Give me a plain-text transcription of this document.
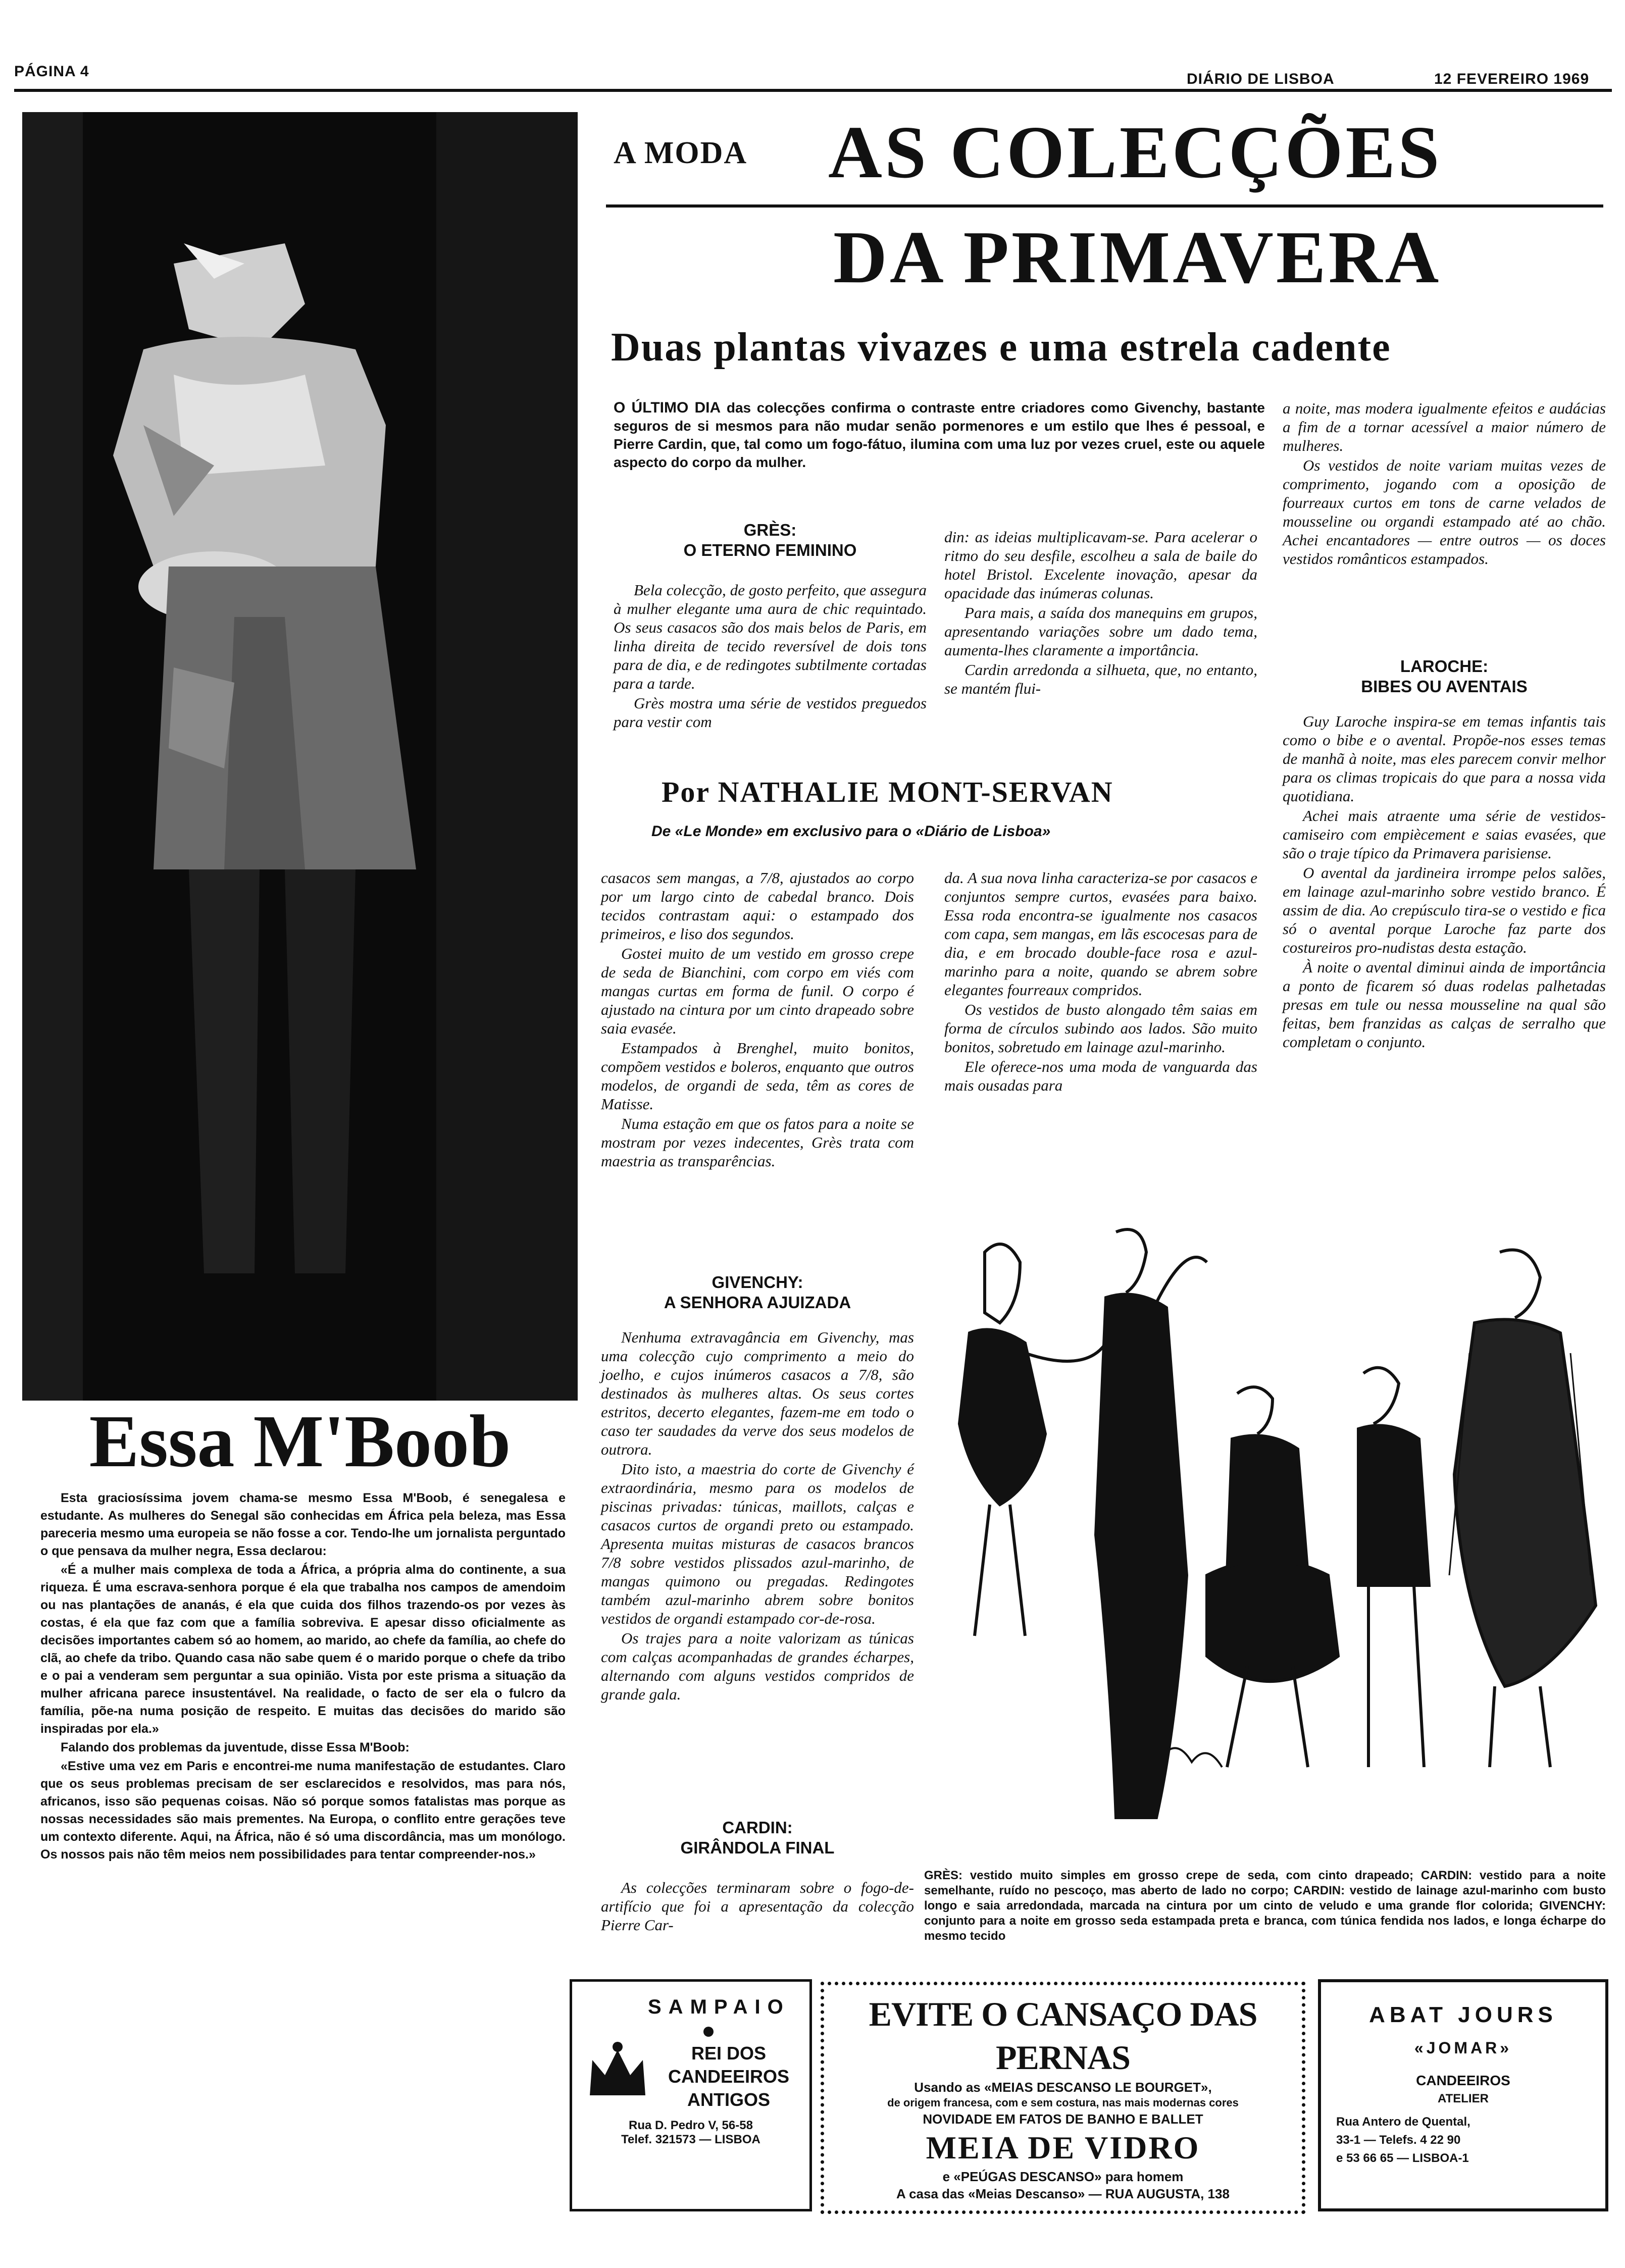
PÁGINA 4	DIÁRIO DE LISBOA	12 FEVEREIRO 1969
A MODA AS COLECÇÕES
DA PRIMAVERA
Duas plantas vivazes e uma estrela cadente
O ÚLTIMO DIA das colecções confirma o contraste entre criadores como Givenchy, bastante seguros de si mesmos para não mudar senão pormenores e um estilo que lhes é pessoal, e Pierre Cardin, que, tal como um fogo-fátuo, ilumina com uma luz por vezes cruel, este ou aquele aspecto do corpo da mulher.
GRÈS:
O ETERNO FEMININO

Bela colecção, de gosto perfeito, que assegura à mulher elegante uma aura de chic requintado. Os seus casacos são dos mais belos de Paris, em linha direita de tecido reversível de dois tons para de dia, e de redingotes subtilmente cortadas para a tarde.

Grès mostra uma série de vestidos preguedos para vestir com

din: as ideias multiplicavam-se. Para acelerar o ritmo do seu desfile, escolheu a sala de baile do hotel Bristol. Excelente inovação, apesar da opacidade das inúmeras colunas.

Para mais, a saída dos manequins em grupos, apresentando variações sobre um dado tema, aumenta-lhes claramente a importância.

Cardin arredonda a silhueta, que, no entanto, se mantém flui-

Por NATHALIE MONT-SERVAN
De «Le Monde» em exclusivo para o «Diário de Lisboa»

a noite, mas modera igualmente efeitos e audácias a fim de a tornar acessível a maior número de mulheres.

Os vestidos de noite variam muitas vezes de comprimento, jogando com a oposição de fourreaux curtos em tons de carne velados de mousseline ou organdi estampado até ao chão. Achei encantadores — entre outros — os doces vestidos românticos estampados.

LAROCHE:
BIBES OU AVENTAIS

Guy Laroche inspira-se em temas infantis tais como o bibe e o avental. Propõe-nos esses temas de manhã à noite, mas eles parecem convir melhor para os climas tropicais do que para a nossa vida quotidiana.

Achei mais atraente uma série de vestidos-camiseiro com empiècement e saias evasées, que são o traje típico da Primavera parisiense.

O avental da jardineira irrompe pelos salões, em lainage azul-marinho sobre vestido branco. É assim de dia. Ao crepúsculo tira-se o vestido e fica só o avental porque Laroche faz parte dos costureiros pro-nudistas desta estação.

À noite o avental diminui ainda de importância a ponto de ficarem só duas rodelas palhetadas presas em tule ou nessa mousseline na qual são feitas, bem franzidas as calças de serralho que completam o conjunto.

casacos sem mangas, a 7/8, ajustados ao corpo por um largo cinto de cabedal branco. Dois tecidos contrastam aqui: o estampado dos primeiros, e liso dos segundos.

Gostei muito de um vestido em grosso crepe de seda de Bianchini, com corpo em viés com mangas curtas em forma de funil. O corpo é ajustado na cintura por um cinto drapeado sobre saia evasée.

Estampados à Brenghel, muito bonitos, compõem vestidos e boleros, enquanto que outros modelos, de organdi de seda, têm as cores de Matisse.

Numa estação em que os fatos para a noite se mostram por vezes indecentes, Grès trata com maestria as transparências.

da. A sua nova linha caracteriza-se por casacos e conjuntos sempre curtos, evasées para baixo. Essa roda encontra-se igualmente nos casacos com capa, sem mangas, em lãs escocesas para de dia, e em brocado double-face rosa e azul-marinho para a noite, quando se abrem sobre elegantes fourreaux compridos.

Os vestidos de busto alongado têm saias em forma de círculos subindo aos lados. São muito bonitos, sobretudo em lainage azul-marinho.

Ele oferece-nos uma moda de vanguarda das mais ousadas para

GIVENCHY:
A SENHORA AJUIZADA

Nenhuma extravagância em Givenchy, mas uma colecção cujo comprimento a meio do joelho, e cujos inúmeros casacos a 7/8, são destinados às mulheres altas. Os seus cortes estritos, decerto elegantes, fazem-me em todo o caso ter saudades da verve dos seus modelos de outrora.

Dito isto, a maestria do corte de Givenchy é extraordinária, mesmo para os modelos de piscinas privadas: túnicas, maillots, calças e casacos curtos de organdi preto ou estampado. Apresenta muitas misturas de casacos brancos 7/8 sobre vestidos plissados azul-marinho, de mangas quimono ou pregadas. Redingotes também azul-marinho abrem sobre bonitos vestidos de organdi estampado cor-de-rosa.

Os trajes para a noite valorizam as túnicas com calças acompanhadas de grandes écharpes, alternando com alguns vestidos compridos de grande gala.

CARDIN:
GIRÂNDOLA FINAL

As colecções terminaram sobre o fogo-de-artifício que foi a apresentação da colecção Pierre Car-

GRÈS: vestido muito simples em grosso crepe de seda, com cinto drapeado; CARDIN: vestido para a noite semelhante, ruído no pescoço, mas aberto de lado no corpo; CARDIN: vestido de lainage azul-marinho com busto longo e saia arredondada, marcada na cintura por um cinto de veludo e uma grande flor colorida; GIVENCHY: conjunto para a noite em grosso seda estampada preta e branca, com túnica fendida nos lados, e longa écharpe do mesmo tecido
Essa M'Boob

Esta graciosíssima jovem chama-se mesmo Essa M'Boob, é senegalesa e estudante. As mulheres do Senegal são conhecidas em África pela beleza, mas Essa pareceria mesmo uma europeia se não fosse a cor. Tendo-lhe um jornalista perguntado o que pensava da mulher negra, Essa declarou:

«É a mulher mais complexa de toda a África, a própria alma do continente, a sua riqueza. É uma escrava-senhora porque é ela que trabalha nos campos de amendoim ou nas plantações de ananás, é ela que cuida dos filhos trazendo-os por vezes às costas, é ela que faz com que a família sobreviva. E apesar disso oficialmente as decisões importantes cabem só ao homem, ao marido, ao chefe da família, ao chefe do clã, ao chefe da tribo. Quando casa não sabe quem é o marido porque o chefe da tribo e o pai a venderam sem perguntar a sua opinião. Vista por este prisma a situação da mulher africana parece insustentável. Na realidade, o facto de ser ela o fulcro da família, põe-na numa posição de respeito. E muitas das decisões do marido são inspiradas por ela.»

Falando dos problemas da juventude, disse Essa M'Boob:

«Estive uma vez em Paris e encontrei-me numa manifestação de estudantes. Claro que os seus problemas precisam de ser esclarecidos e resolvidos, mas para nós, africanos, isso são pequenas coisas. Não só porque somos fatalistas mas porque as nossas necessidades são mais prementes. Na Europa, o conflito entre gerações teve um contexto diferente. Aqui, na África, não é só uma discordância, mas um monólogo. Os nossos pais não têm meios nem possibilidades para tentar compreender-nos.»

SAMPAIO
REI DOS
CANDEEIROS
ANTIGOS
Rua D. Pedro V, 56-58
Telef. 321573 — LISBOA
EVITE O CANSAÇO DAS PERNAS
Usando as «MEIAS DESCANSO LE BOURGET»,
de origem francesa, com e sem costura, nas mais modernas cores
NOVIDADE EM FATOS DE BANHO E BALLET
MEIA DE VIDRO
e «PEÚGAS DESCANSO» para homem
A casa das «Meias Descanso» — RUA AUGUSTA, 138
ABAT JOURS
«JOMAR»
CANDEEIROS
ATELIER
Rua Antero de Quental,
33-1 — Telefs. 4 22 90
e 53 66 65 — LISBOA-1
